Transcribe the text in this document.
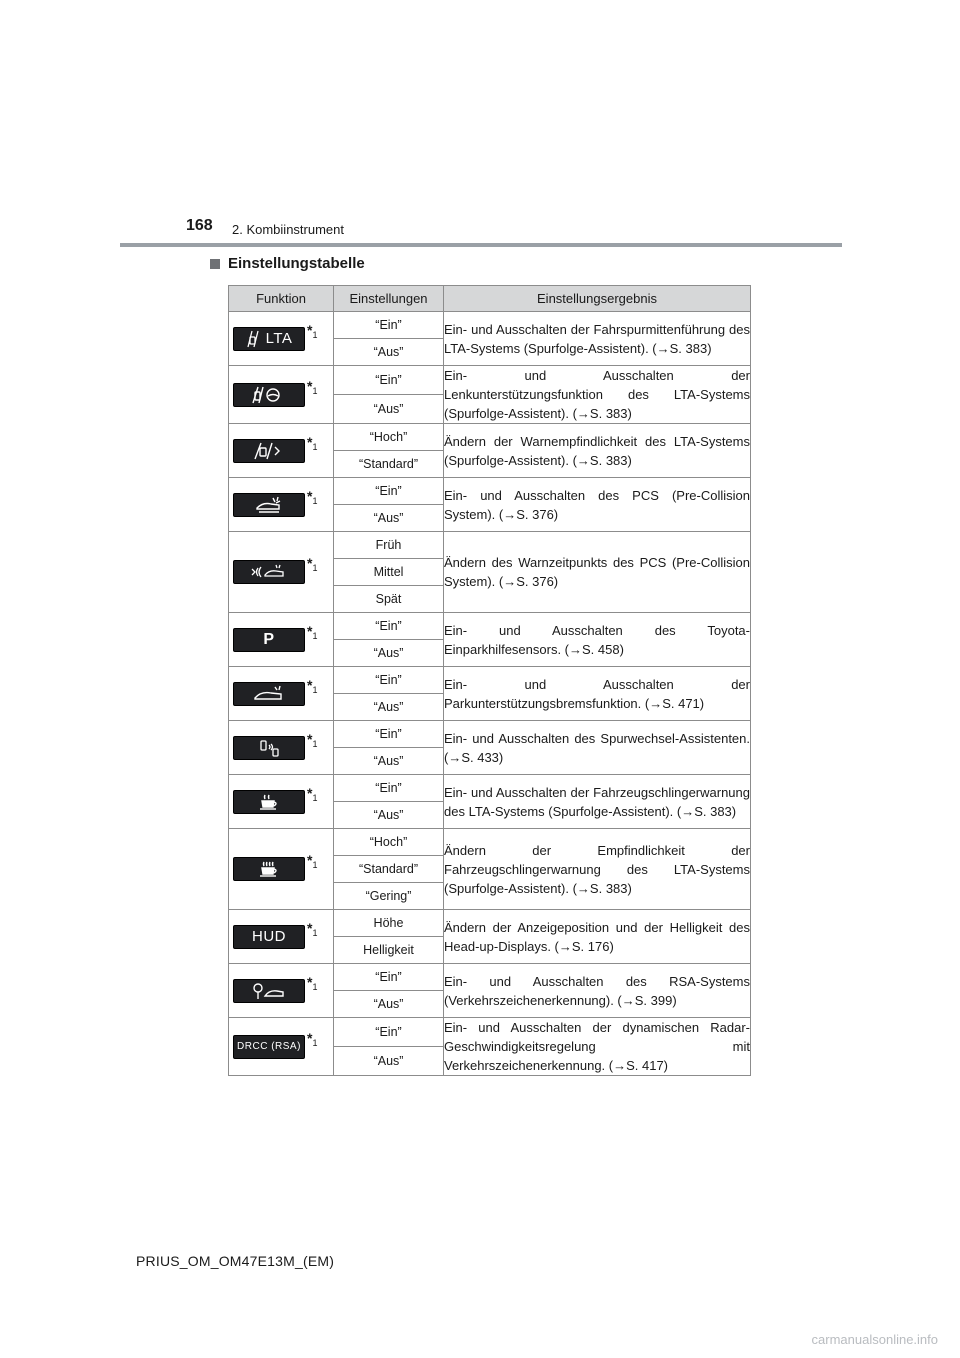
168 2. Kombiinstrument
Einstellungstabelle
Funktion	Einstellungen	Einstellungsergebnis

LTA
$*_1$	“Ein”	Ein- und Ausschalten der Fahrspurmittenführung des LTA-Systems (Spurfolge-Assistent). (→S. 383)
	“Aus”	

$*_1$	“Ein”	Ein- und Ausschalten der Lenkunterstützungsfunktion des LTA-Systems (Spurfolge-Assistent). (→S. 383)
	“Aus”	

$*_1$	“Hoch”	Ändern der Warnempfindlichkeit des LTA-Systems (Spurfolge-Assistent). (→S. 383)
	“Standard”	

$*_1$	“Ein”	Ein- und Ausschalten des PCS (Pre-Collision System). (→S. 376)
	“Aus”	

$*_1$	Früh	Ändern des Warnzeitpunkts des PCS (Pre-Collision System). (→S. 376)
	Mittel	
	Spät	

P $*_1$	“Ein”	Ein- und Ausschalten des Toyota-Einparkhilfesensors. (→S. 458)
	“Aus”	

$*_1$	“Ein”	Ein- und Ausschalten der Parkunterstützungsbremsfunktion. (→S. 471)
	“Aus”	

$*_1$	“Ein”	Ein- und Ausschalten des Spurwechsel-Assistenten. (→S. 433)
	“Aus”	

$*_1$	“Ein”	Ein- und Ausschalten der Fahrzeugschlingerwarnung des LTA-Systems (Spurfolge-Assistent). (→S. 383)
	“Aus”	

$*_1$	“Hoch”	Ändern der Empfindlichkeit der Fahrzeugschlingerwarnung des LTA-Systems (Spurfolge-Assistent). (→S. 383)
	“Standard”	
	“Gering”	

HUD
$*_1$	Höhe	Ändern der Anzeigeposition und der Helligkeit des Head-up-Displays. (→S. 176)
	Helligkeit	

$*_1$	“Ein”	Ein- und Ausschalten des RSA-Systems (Verkehrszeichenerkennung). (→S. 399)
	“Aus”	

DRCC (RSA)
$*_1$	“Ein”	Ein- und Ausschalten der dynamischen Radar-Geschwindigkeitsregelung mit Verkehrszeichenerkennung. (→S. 417)
	“Aus”	
PRIUS_OM_OM47E13M_(EM)
carmanualsonline.info
